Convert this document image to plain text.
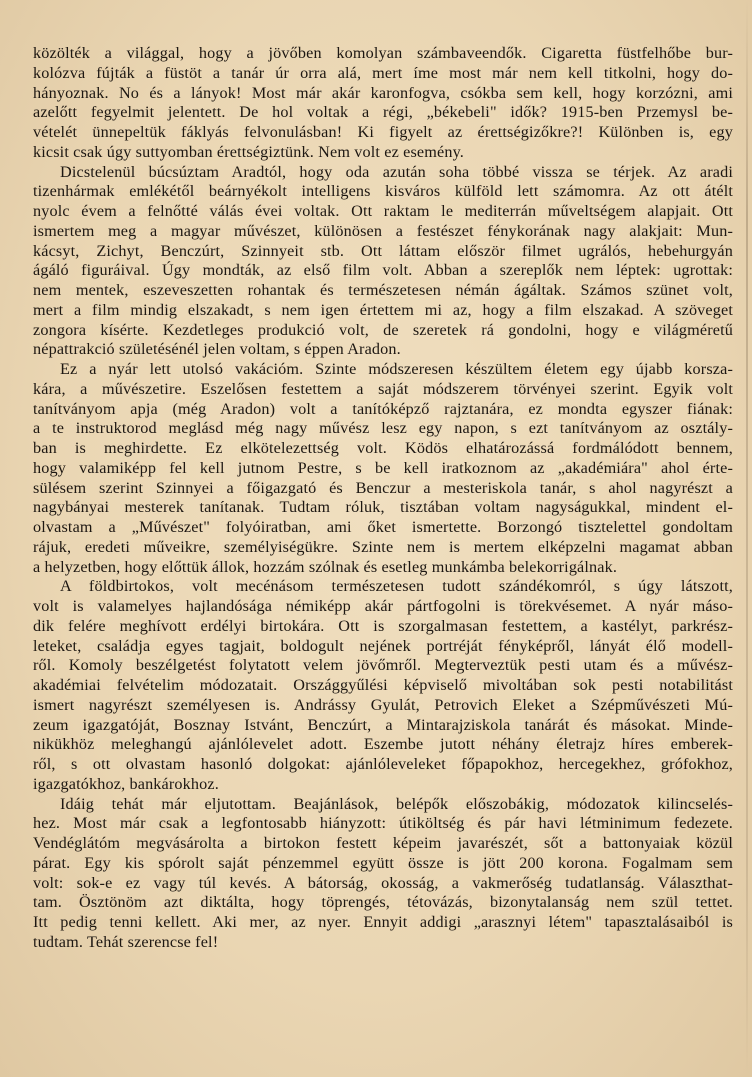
közölték a világgal, hogy a jövőben komolyan számbaveendők. Cigaretta füstfelhőbe bur-
kolózva fújták a füstöt a tanár úr orra alá, mert íme most már nem kell titkolni, hogy do-
hányoznak. No és a lányok! Most már akár karonfogva, csókba sem kell, hogy korzózni, ami
azelőtt fegyelmit jelentett. De hol voltak a régi, „békebeli" idők? 1915-ben Przemysl be-
vételét ünnepeltük fáklyás felvonulásban! Ki figyelt az érettségizőkre?! Különben is, egy
kicsit csak úgy suttyomban érettségiztünk. Nem volt ez esemény.

Dicstelenül búcsúztam Aradtól, hogy oda azután soha többé vissza se térjek. Az aradi
tizenhármak emlékétől beárnyékolt intelligens kisváros külföld lett számomra. Az ott átélt
nyolc évem a felnőtté válás évei voltak. Ott raktam le mediterrán műveltségem alapjait. Ott
ismertem meg a magyar művészet, különösen a festészet fénykorának nagy alakjait: Mun-
kácsyt, Zichyt, Benczúrt, Szinnyeit stb. Ott láttam először filmet ugrálós, hebehurgyán
ágáló figuráival. Úgy mondták, az első film volt. Abban a szereplők nem léptek: ugrottak:
nem mentek, eszeveszetten rohantak és természetesen némán ágáltak. Számos szünet volt,
mert a film mindig elszakadt, s nem igen értettem mi az, hogy a film elszakad. A szöveget
zongora kísérte. Kezdetleges produkció volt, de szeretek rá gondolni, hogy e világméretű
népattrakció születésénél jelen voltam, s éppen Aradon.

Ez a nyár lett utolsó vakációm. Szinte módszeresen készültem életem egy újabb korsza-
kára, a művészetire. Eszelősen festettem a saját módszerem törvényei szerint. Egyik volt
tanítványom apja (még Aradon) volt a tanítóképző rajztanára, ez mondta egyszer fiának:
a te instruktorod meglásd még nagy művész lesz egy napon, s ezt tanítványom az osztály-
ban is meghirdette. Ez elkötelezettség volt. Ködös elhatározássá fordmálódott bennem,
hogy valamiképp fel kell jutnom Pestre, s be kell iratkoznom az „akadémiára" ahol érte-
sülésem szerint Szinnyei a főigazgató és Benczur a mesteriskola tanár, s ahol nagyrészt a
nagybányai mesterek tanítanak. Tudtam róluk, tisztában voltam nagyságukkal, mindent el-
olvastam a „Művészet" folyóiratban, ami őket ismertette. Borzongó tisztelettel gondoltam
rájuk, eredeti műveikre, személyiségükre. Szinte nem is mertem elképzelni magamat abban
a helyzetben, hogy előttük állok, hozzám szólnak és esetleg munkámba belekorrigálnak.

A földbirtokos, volt mecénásom természetesen tudott szándékomról, s úgy látszott,
volt is valamelyes hajlandósága némiképp akár pártfogolni is törekvésemet. A nyár máso-
dik felére meghívott erdélyi birtokára. Ott is szorgalmasan festettem, a kastélyt, parkrész-
leteket, családja egyes tagjait, boldogult nejének portréját fényképről, lányát élő modell-
ről. Komoly beszélgetést folytatott velem jövőmről. Megterveztük pesti utam és a művész-
akadémiai felvételim módozatait. Országgyűlési képviselő mivoltában sok pesti notabilitást
ismert nagyrészt személyesen is. Andrássy Gyulát, Petrovich Eleket a Szépművészeti Mú-
zeum igazgatóját, Bosznay Istvánt, Benczúrt, a Mintarajziskola tanárát és másokat. Minde-
nikükhöz meleghangú ajánlólevelet adott. Eszembe jutott néhány életrajz híres emberek-
ről, s ott olvastam hasonló dolgokat: ajánlóleveleket főpapokhoz, hercegekhez, grófokhoz,
igazgatókhoz, bankárokhoz.

Idáig tehát már eljutottam. Beajánlások, belépők előszobákig, módozatok kilincselés-
hez. Most már csak a legfontosabb hiányzott: útiköltség és pár havi létminimum fedezete.
Vendéglátóm megvásárolta a birtokon festett képeim javarészét, sőt a battonyaiak közül
párat. Egy kis spórolt saját pénzemmel együtt össze is jött 200 korona. Fogalmam sem
volt: sok-e ez vagy túl kevés. A bátorság, okosság, a vakmerőség tudatlanság. Választhat-
tam. Ösztönöm azt diktálta, hogy töprengés, tétovázás, bizonytalanság nem szül tettet.
Itt pedig tenni kellett. Aki mer, az nyer. Ennyit addigi „arasznyi létem" tapasztalásaiból is
tudtam. Tehát szerencse fel!
